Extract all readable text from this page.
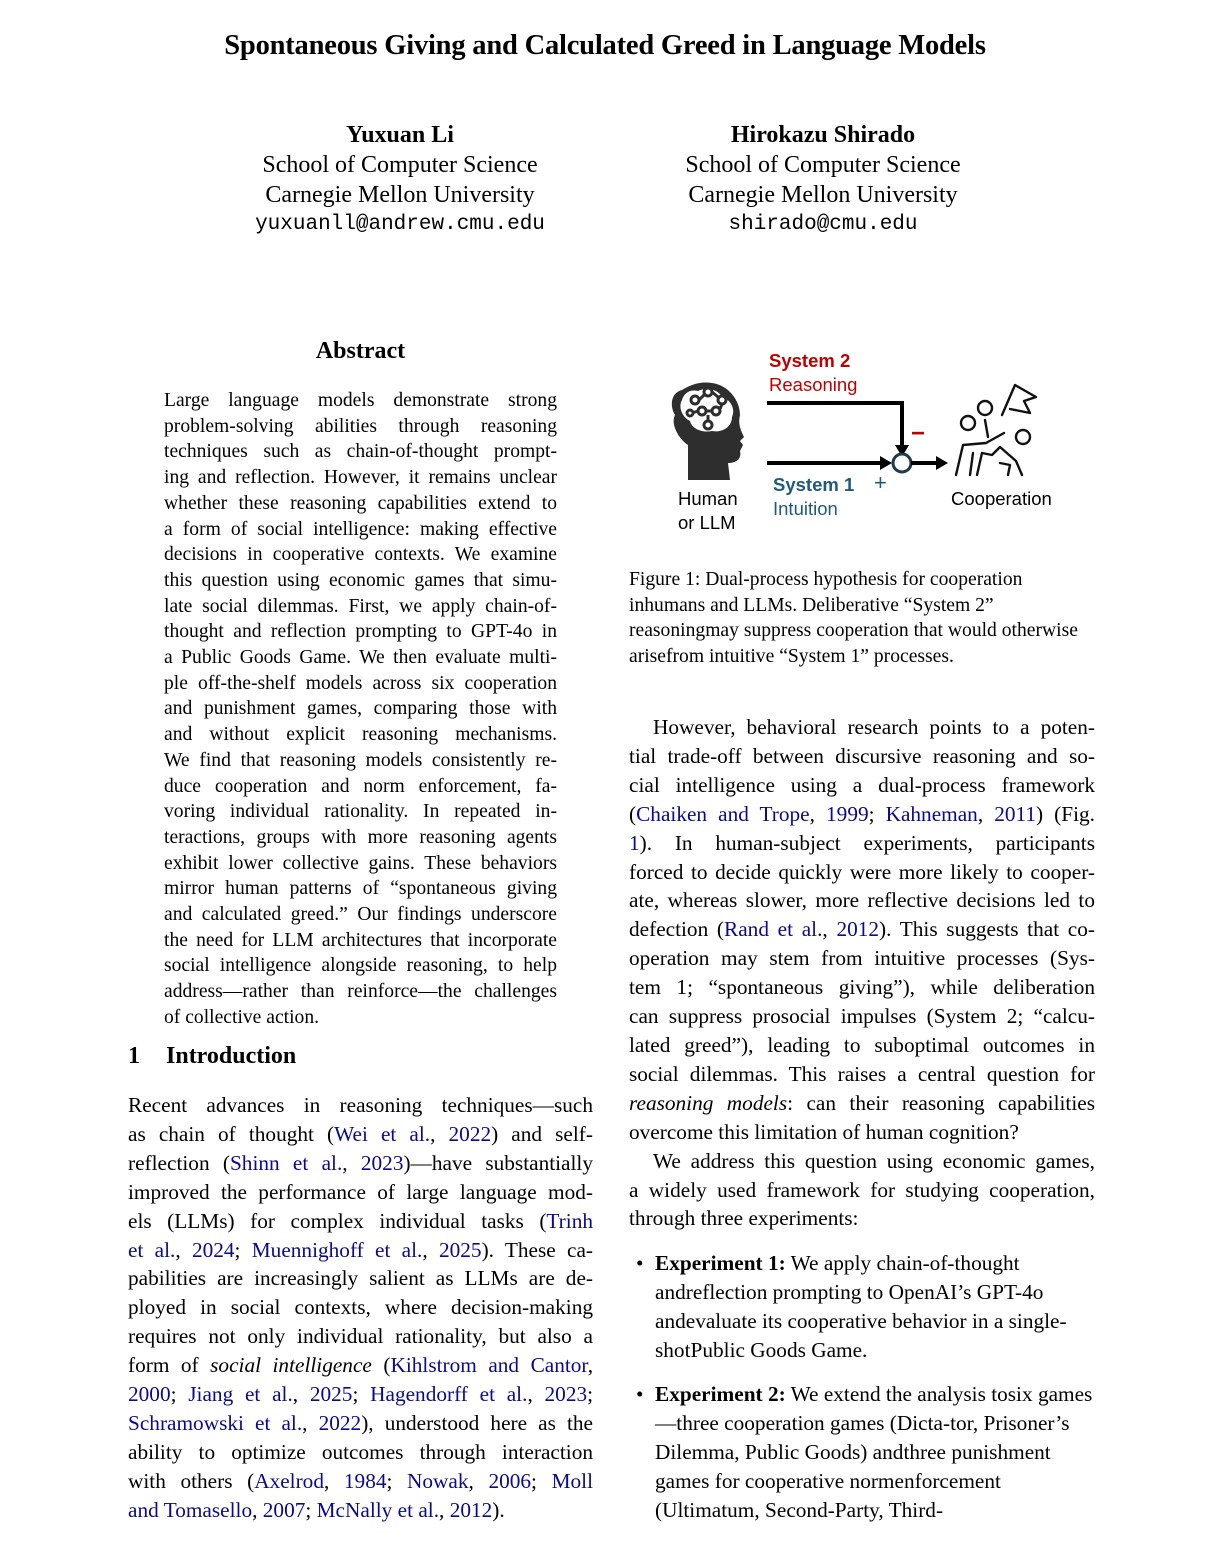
Spontaneous Giving and Calculated Greed in Language Models
Yuxuan Li
School of Computer Science
Carnegie Mellon University
yuxuanll@andrew.cmu.edu
Hirokazu Shirado
School of Computer Science
Carnegie Mellon University
shirado@cmu.edu
Abstract
Large language models demonstrate strong
problem-solving abilities through reasoning
techniques such as chain-of-thought prompt-
ing and reflection. However, it remains unclear
whether these reasoning capabilities extend to
a form of social intelligence: making effective
decisions in cooperative contexts. We examine
this question using economic games that simu-
late social dilemmas. First, we apply chain-of-
thought and reflection prompting to GPT-4o in
a Public Goods Game. We then evaluate multi-
ple off-the-shelf models across six cooperation
and punishment games, comparing those with
and without explicit reasoning mechanisms.
We find that reasoning models consistently re-
duce cooperation and norm enforcement, fa-
voring individual rationality. In repeated in-
teractions, groups with more reasoning agents
exhibit lower collective gains. These behaviors
mirror human patterns of “spontaneous giving
and calculated greed.” Our findings underscore
the need for LLM architectures that incorporate
social intelligence alongside reasoning, to help
address—rather than reinforce—the challenges
of collective action.
1 Introduction
Recent advances in reasoning techniques—such
as chain of thought (Wei et al., 2022) and self-
reflection (Shinn et al., 2023)—have substantially
improved the performance of large language mod-
els (LLMs) for complex individual tasks (Trinh
et al., 2024; Muennighoff et al., 2025). These ca-
pabilities are increasingly salient as LLMs are de-
ployed in social contexts, where decision-making
requires not only individual rationality, but also a
form of social intelligence (Kihlstrom and Cantor,
2000; Jiang et al., 2025; Hagendorff et al., 2023;
Schramowski et al., 2022), understood here as the
ability to optimize outcomes through interaction
with others (Axelrod, 1984; Nowak, 2006; Moll
and Tomasello, 2007; McNally et al., 2012).
System 2
Reasoning
−
System 1 +
Intuition
Human
or LLM
Cooperation
Figure 1: Dual-process hypothesis for cooperation inhumans and LLMs. Deliberative “System 2” reasoningmay suppress cooperation that would otherwise arisefrom intuitive “System 1” processes.
However, behavioral research points to a poten-
tial trade-off between discursive reasoning and so-
cial intelligence using a dual-process framework
(Chaiken and Trope, 1999; Kahneman, 2011) (Fig.
1). In human-subject experiments, participants
forced to decide quickly were more likely to cooper-
ate, whereas slower, more reflective decisions led to
defection (Rand et al., 2012). This suggests that co-
operation may stem from intuitive processes (Sys-
tem 1; “spontaneous giving”), while deliberation
can suppress prosocial impulses (System 2; “calcu-
lated greed”), leading to suboptimal outcomes in
social dilemmas. This raises a central question for
reasoning models: can their reasoning capabilities
overcome this limitation of human cognition?
We address this question using economic games,
a widely used framework for studying cooperation,
through three experiments:
• Experiment 1: We apply chain-of-thought andreflection prompting to OpenAI’s GPT-4o andevaluate its cooperative behavior in a single-shotPublic Goods Game.
• Experiment 2: We extend the analysis tosix games—three cooperation games (Dicta-tor, Prisoner’s Dilemma, Public Goods) andthree punishment games for cooperative normenforcement (Ultimatum, Second-Party, Third-
